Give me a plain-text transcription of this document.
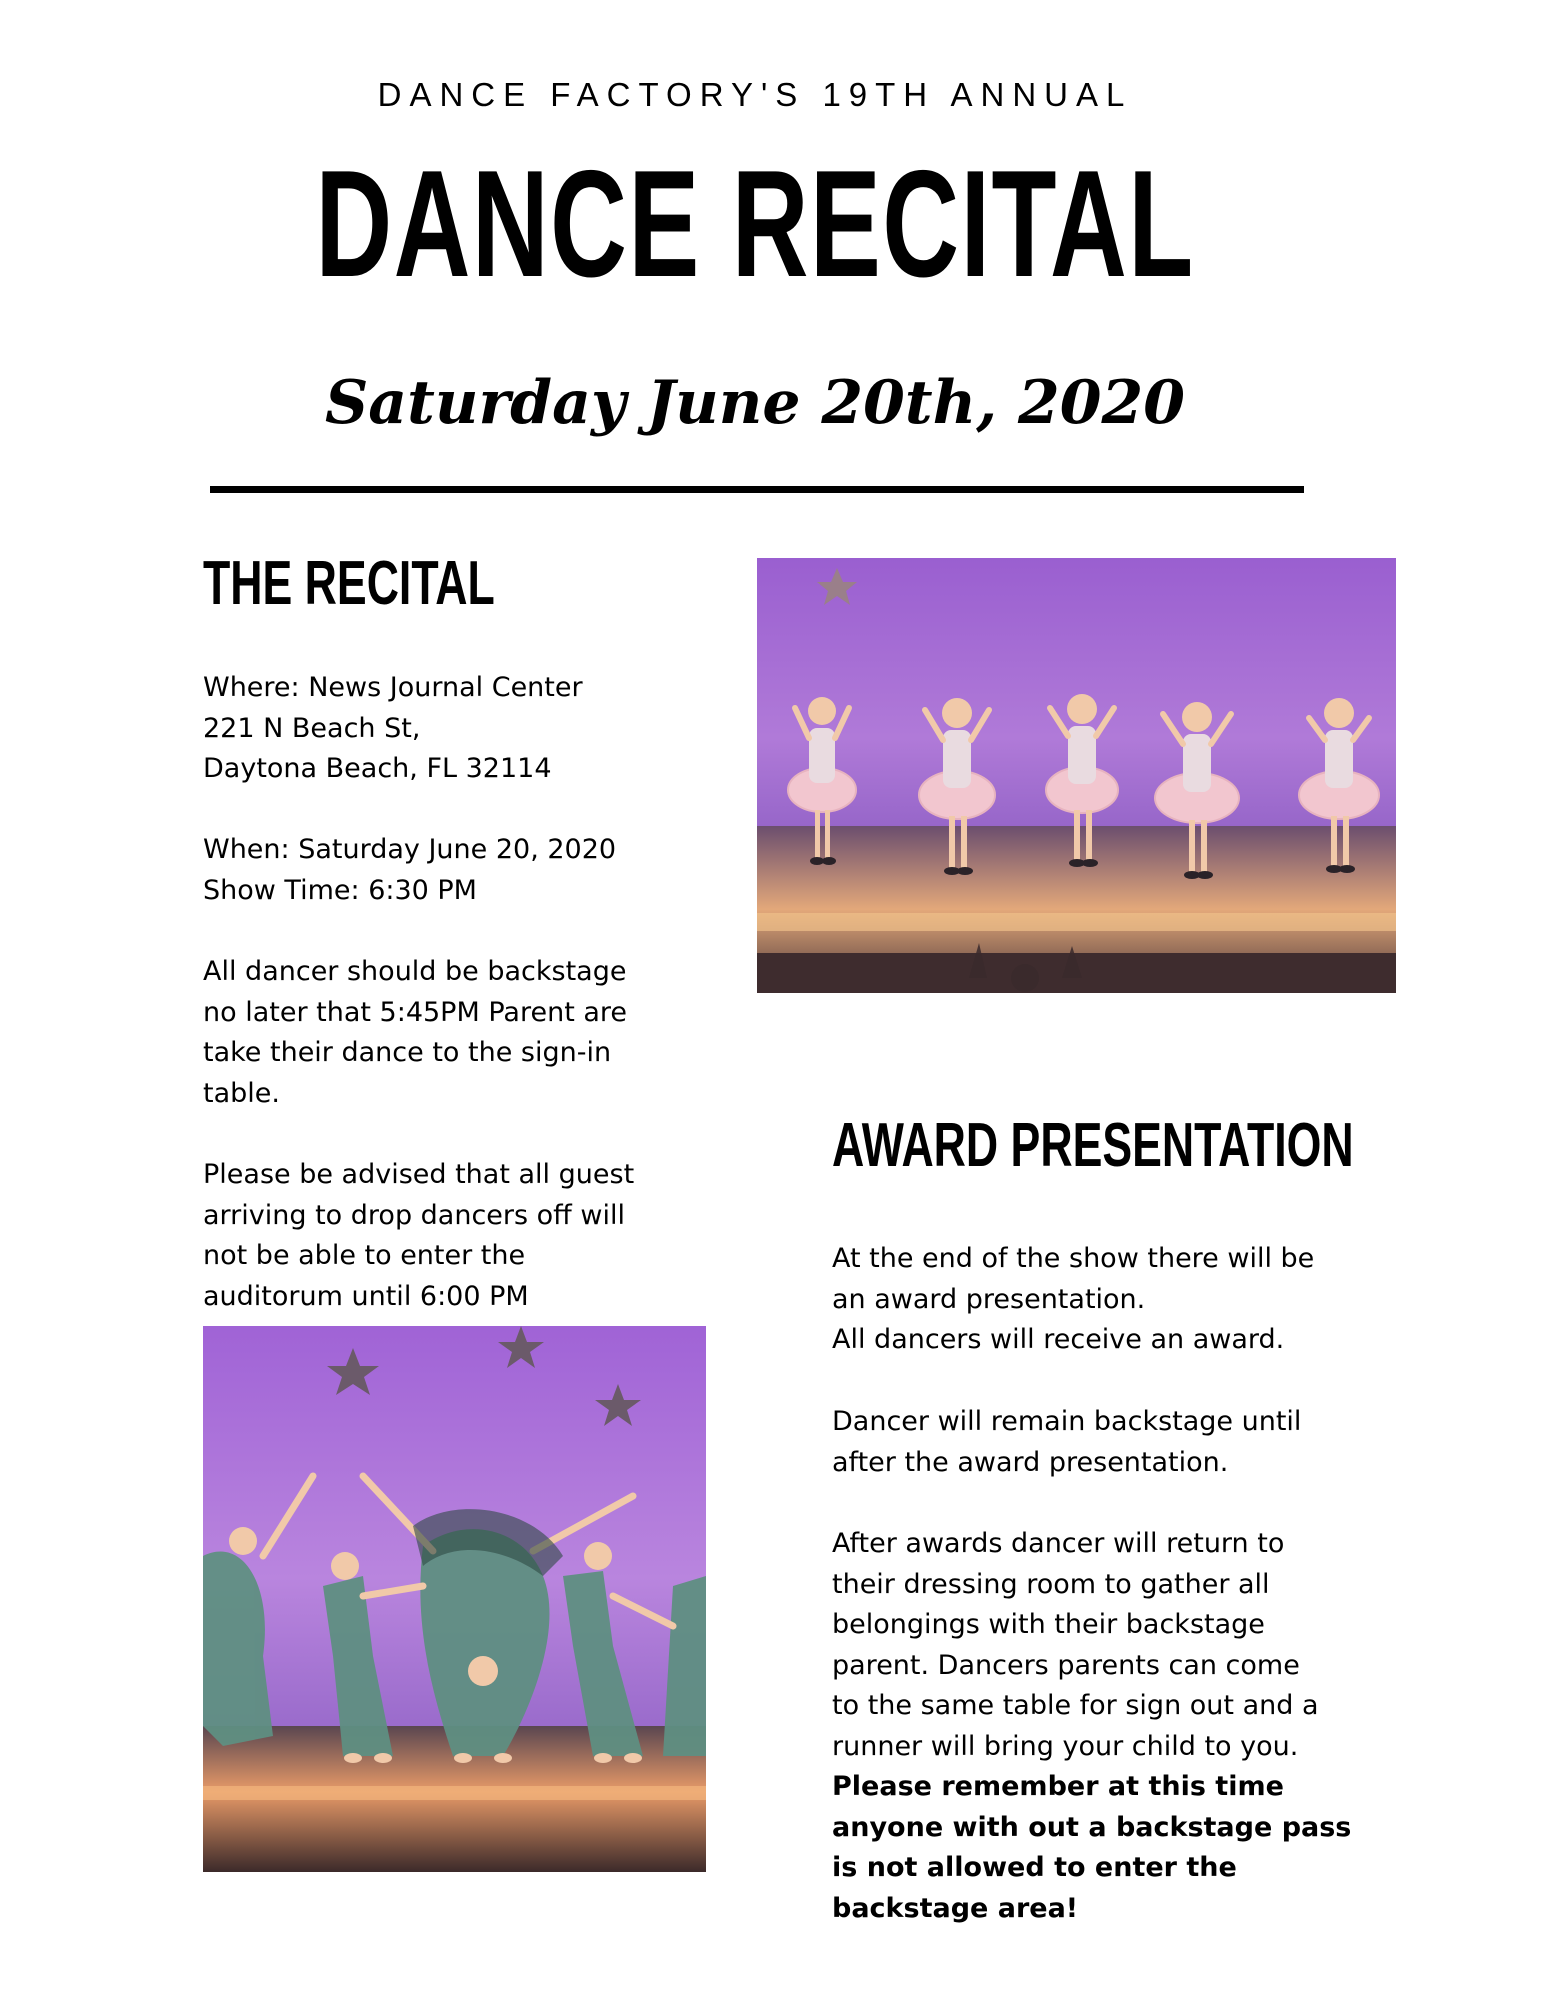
DANCE FACTORY'S 19TH ANNUAL
DANCE RECITAL
Saturday June 20th, 2020
THE RECITAL
Where: News Journal Center
221 N Beach St,
Daytona Beach, FL 32114
When: Saturday June 20, 2020
Show Time: 6:30 PM
All dancer should be backstage
no later that 5:45PM Parent are
take their dance to the sign-in
table.
Please be advised that all guest
arriving to drop dancers off will
not be able to enter the
auditorum until 6:00 PM
AWARD PRESENTATION
At the end of the show there will be
an award presentation.
All dancers will receive an award.
Dancer will remain backstage until
after the award presentation.
After awards dancer will return to
their dressing room to gather all
belongings with their backstage
parent. Dancers parents can come
to the same table for sign out and a
runner will bring your child to you.
Please remember at this time
anyone with out a backstage pass
is not allowed to enter the
backstage area!
